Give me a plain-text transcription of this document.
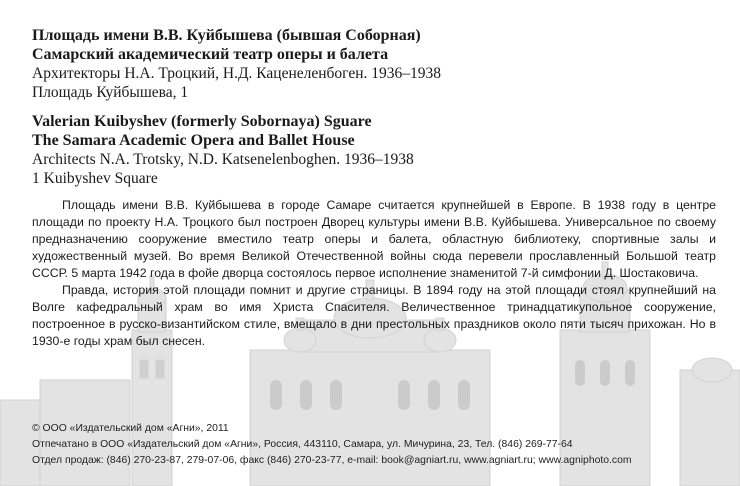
Площадь имени В.В. Куйбышева (бывшая Соборная)

Самарский академический театр оперы и балета

Архитекторы Н.А. Троцкий, Н.Д. Каценеленбоген. 1936–1938

Площадь Куйбышева, 1

Valerian Kuibyshev (formerly Sobornaya) Sguare

The Samara Academic Opera and Ballet House

Architects N.A. Trotsky, N.D. Katsenelenboghen. 1936–1938

1 Kuibyshev Square

Площадь имени В.В. Куйбышева в городе Самаре считается крупнейшей в Европе. В 1938 году в центре площади по проекту Н.А. Троцкого был построен Дворец культуры имени В.В. Куйбышева. Универсальное по своему предназначению сооружение вместило театр оперы и балета, областную библиотеку, спортивные залы и художественный музей. Во время Великой Отечественной войны сюда перевели прославленный Большой театр СССР. 5 марта 1942 года в фойе дворца состоялось первое исполнение знаменитой 7-й симфонии Д. Шостаковича.

Правда, история этой площади помнит и другие страницы. В 1894 году на этой площади стоял крупнейший на Волге кафедральный храм во имя Христа Спасителя. Величественное тринадцатикупольное сооружение, построенное в русско-византийском стиле, вмещало в дни престольных праздников около пяти тысяч прихожан. Но в 1930-е годы храм был снесен.

© ООО «Издательский дом «Агни», 2011
Отпечатано в ООО «Издательский дом «Агни», Россия, 443110, Самара, ул. Мичурина, 23, Тел. (846) 269-77-64
Отдел продаж: (846) 270-23-87, 279-07-06, факс (846) 270-23-77, e-mail: book@agniart.ru, www.agniart.ru; www.agniphoto.com
